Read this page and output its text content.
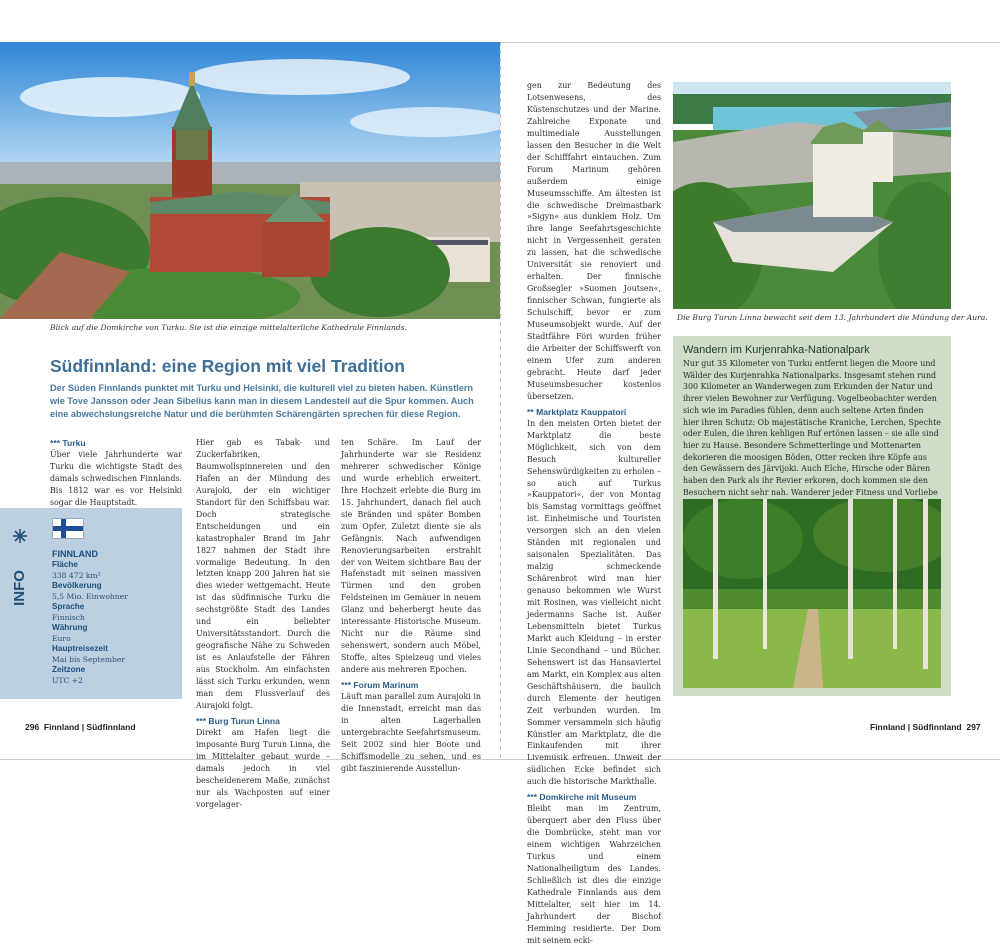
Blick auf die Domkirche von Turku. Sie ist die einzige mittelalterliche Kathedrale Finnlands.
Südfinnland: eine Region mit viel Tradition
Der Süden Finnlands punktet mit Turku und Helsinki, die kulturell viel zu bieten haben. Künstlern wie Tove Jansson oder Jean Sibelius kann man in diesem Landesteil auf die Spur kommen. Auch eine abwechslungsreiche Natur und die berühmten Schärengärten sprechen für diese Region.
*** Turku

Über viele Jahrhunderte war Turku die wichtigste Stadt des damals schwedischen Finnlands. Bis 1812 war es vor Helsinki sogar die Hauptstadt.

INFO
FINNLAND
Fläche
338 472 km²
Bevölkerung
5,5 Mio. Einwohner
Sprache
Finnisch
Währung
Euro
Hauptreisezeit
Mai bis September
Zeitzone
UTC +2

Hier gab es Tabak- und Zuckerfabriken, Baumwollspinnereien und den Hafen an der Mündung des Aurajoki, der ein wichtiger Standort für den Schiffsbau war. Doch strategische Entscheidungen und ein katastrophaler Brand im Jahr 1827 nahmen der Stadt ihre vormalige Bedeutung. In den letzten knapp 200 Jahren hat sie dies wieder wettgemacht. Heute ist das südfinnische Turku die sechstgrößte Stadt des Landes und ein beliebter Universitätsstandort. Durch die geografische Nähe zu Schweden ist es Anlaufstelle der Fähren aus Stockholm. Am einfachsten lässt sich Turku erkunden, wenn man dem Flussverlauf des Aurajoki folgt.

*** Burg Turun Linna

Direkt am Hafen liegt die imposante Burg Turun Linna, die im Mittelalter gebaut wurde – damals jedoch in viel bescheidenerem Maße, zunächst nur als Wachposten auf einer vorgelager-

ten Schäre. Im Lauf der Jahrhunderte war sie Residenz mehrerer schwedischer Könige und wurde erheblich erweitert. Ihre Hochzeit erlebte die Burg im 15. Jahrhundert, danach fiel auch sie Bränden und später Bomben zum Opfer. Zuletzt diente sie als Gefängnis. Nach aufwendigen Renovierungsarbeiten erstrahlt der von Weitem sichtbare Bau der Hafenstadt mit seinen massiven Türmen und den groben Feldsteinen im Gemäuer in neuem Glanz und beherbergt heute das interessante Historische Museum. Nicht nur die Räume sind sehenswert, sondern auch Möbel, Stoffe, altes Spielzeug und vieles andere aus mehreren Epochen.

*** Forum Marinum

Läuft man parallel zum Aurajoki in die Innenstadt, erreicht man das in alten Lagerhallen untergebrachte Seefahrtsmuseum. Seit 2002 sind hier Boote und Schiffsmodelle zu sehen, und es gibt faszinierende Ausstellun-

296 Finnland | Südfinnland

gen zur Bedeutung des Lotsenwesens, des Küstenschutzes und der Marine. Zahlreiche Exponate und multimediale Ausstellungen lassen den Besucher in die Welt der Schifffahrt eintauchen. Zum Forum Marinum gehören außerdem einige Museumsschiffe. Am ältesten ist die schwedische Dreimastbark »Sigyn« aus dunklem Holz. Um ihre lange Seefahrtsgeschichte nicht in Vergessenheit geraten zu lassen, hat die schwedische Universität sie renoviert und erhalten. Der finnische Großsegler »Suomen Joutsen«, finnischer Schwan, fungierte als Schulschiff, bevor er zum Museumsobjekt wurde. Auf der Stadtfähre Föri wurden früher die Arbeiter der Schiffswerft von einem Ufer zum anderen gebracht. Heute darf jeder Museumsbesucher kostenlos übersetzen.

** Marktplatz Kauppatori

In den meisten Orten bietet der Marktplatz die beste Möglichkeit, sich von dem Besuch kultureller Sehenswürdigkeiten zu erholen – so auch auf Turkus »Kauppatori«, der von Montag bis Samstag vormittags geöffnet ist. Einheimische und Touristen versorgen sich an den vielen Ständen mit regionalen und saisonalen Spezialitäten. Das malzig schmeckende Schärenbrot wird man hier genauso bekommen wie Wurst mit Rosinen, was vielleicht nicht jedermanns Sache ist. Außer Lebensmitteln bietet Turkus Markt auch Kleidung – in erster Linie Secondhand – und Bücher. Sehenswert ist das Hansaviertel am Markt, ein Komplex aus alten Geschäftshäusern, die baulich durch Elemente der heutigen Zeit verbunden wurden. Im Sommer versammeln sich häufig Künstler am Marktplatz, die die Einkaufenden mit ihrer Livemusik erfreuen. Unweit der südlichen Ecke befindet sich auch die historische Markthalle.

*** Domkirche mit Museum

Bleibt man im Zentrum, überquert aber den Fluss über die Dombrücke, steht man vor einem wichtigen Wahrzeichen Turkus und einem Nationalheiligtum des Landes. Schließlich ist dies die einzige Kathedrale Finnlands aus dem Mittelalter, seit hier im 14. Jahrhundert der Bischof Hemming residierte. Der Dom mit seinem ecki-

Die Burg Turun Linna bewacht seit dem 13. Jahrhundert die Mündung der Aura.
Wandern im Kurjenrahka-Nationalpark
Nur gut 35 Kilometer von Turku entfernt liegen die Moore und Wälder des Kurjenrahka Nationalparks. Insgesamt stehen rund 300 Kilometer an Wanderwegen zum Erkunden der Natur und ihrer vielen Bewohner zur Verfügung. Vogelbeobachter werden sich wie im Paradies fühlen, denn auch seltene Arten finden hier ihren Schutz: Ob majestätische Kraniche, Lerchen, Spechte oder Eulen, die ihren kehligen Ruf ertönen lassen – sie alle sind hier zu Hause. Besondere Schmetterlinge und Mottenarten dekorieren die moosigen Böden, Otter recken ihre Köpfe aus den Gewässern des Järvijoki. Auch Elche, Hirsche oder Bären haben den Park als ihr Revier erkoren, doch kommen sie den Besuchern nicht sehr nah. Wanderer jeder Fitness und Vorliebe
Finnland | Südfinnland 297
